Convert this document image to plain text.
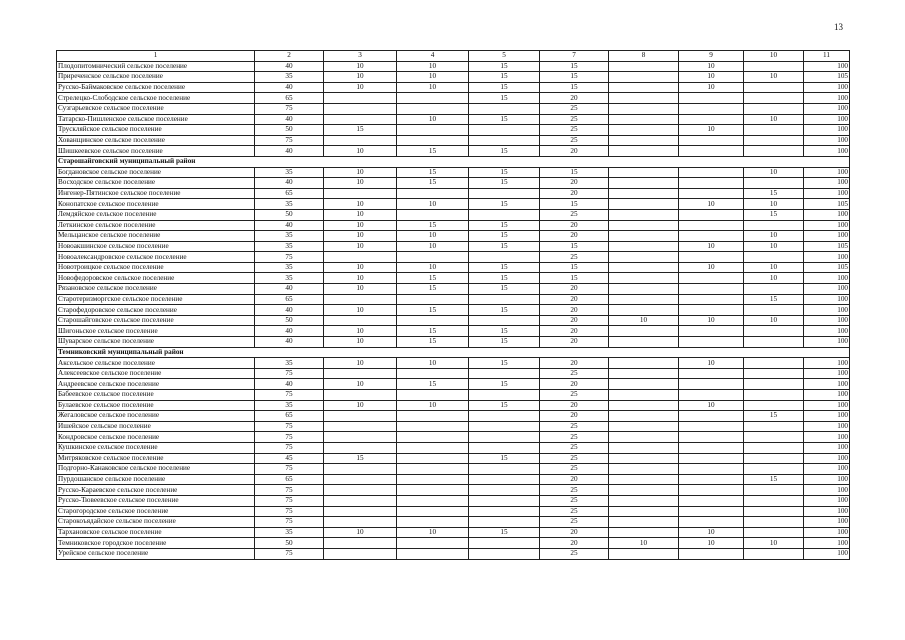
13
1	2	3	4	5	7	8	9	10	11
Плодопитомнический сельское поселение	40	10	10	15	15		10		100
Приреченское сельское поселение	35	10	10	15	15		10	10	105
Русско-Баймаковское сельское поселение	40	10	10	15	15		10		100
Стрелецко-Слободское сельское поселение	65			15	20				100
Сузгарьевское сельское поселение	75				25				100
Татарско-Пишленское сельское поселение	40		10	15	25			10	100
Трускляйское сельское поселение	50	15			25		10		100
Хованщинское сельское поселение	75				25				100
Шишкеевское сельское поселение	40	10	15	15	20				100
Старошайговский муниципальный район									
Богдановское сельское поселение	35	10	15	15	15			10	100
Восходское сельское поселение	40	10	15	15	20				100
Ингенер-Пятинское сельское поселение	65				20			15	100
Конопатское сельское поселение	35	10	10	15	15		10	10	105
Лемдяйское сельское поселение	50	10			25			15	100
Леткинское сельское поселение	40	10	15	15	20				100
Мельцанское сельское поселение	35	10	10	15	20			10	100
Новоакшинское сельское поселение	35	10	10	15	15		10	10	105
Новоалександровское сельское поселение	75				25				100
Новотроицкое сельское поселение	35	10	10	15	15		10	10	105
Новофедоровское сельское поселение	35	10	15	15	15			10	100
Рязановское сельское поселение	40	10	15	15	20				100
Старотеризморгское сельское поселение	65				20			15	100
Старофедоровское сельское поселение	40	10	15	15	20				100
Старошайговское сельское поселение	50				20	10	10	10	100
Шигоньское сельское поселение	40	10	15	15	20				100
Шуварское сельское поселение	40	10	15	15	20				100
Темниковский муниципальный район									
Аксельское сельское поселение	35	10	10	15	20		10		100
Алексеевское сельское поселение	75				25				100
Андреевское сельское поселение	40	10	15	15	20				100
Бабеевское сельское поселение	75				25				100
Булаевское сельское поселение	35	10	10	15	20		10		100
Жегаловское сельское поселение	65				20			15	100
Ишейское сельское поселение	75				25				100
Кондровское сельское поселение	75				25				100
Кушкинское сельское поселение	75				25				100
Митряковское сельское поселение	45	15		15	25				100
Подгорно-Канаковское сельское поселение	75				25				100
Пурдошанское сельское поселение	65				20			15	100
Русско-Караевское сельское поселение	75				25				100
Русско-Тювеевское сельское поселение	75				25				100
Старогородское сельское поселение	75				25				100
Старокоъядайское сельское поселение	75				25				100
Тархановское сельское поселение	35	10	10	15	20		10		100
Темниковское городское поселение	50				20	10	10	10	100
Урейское сельское поселение	75				25				100
